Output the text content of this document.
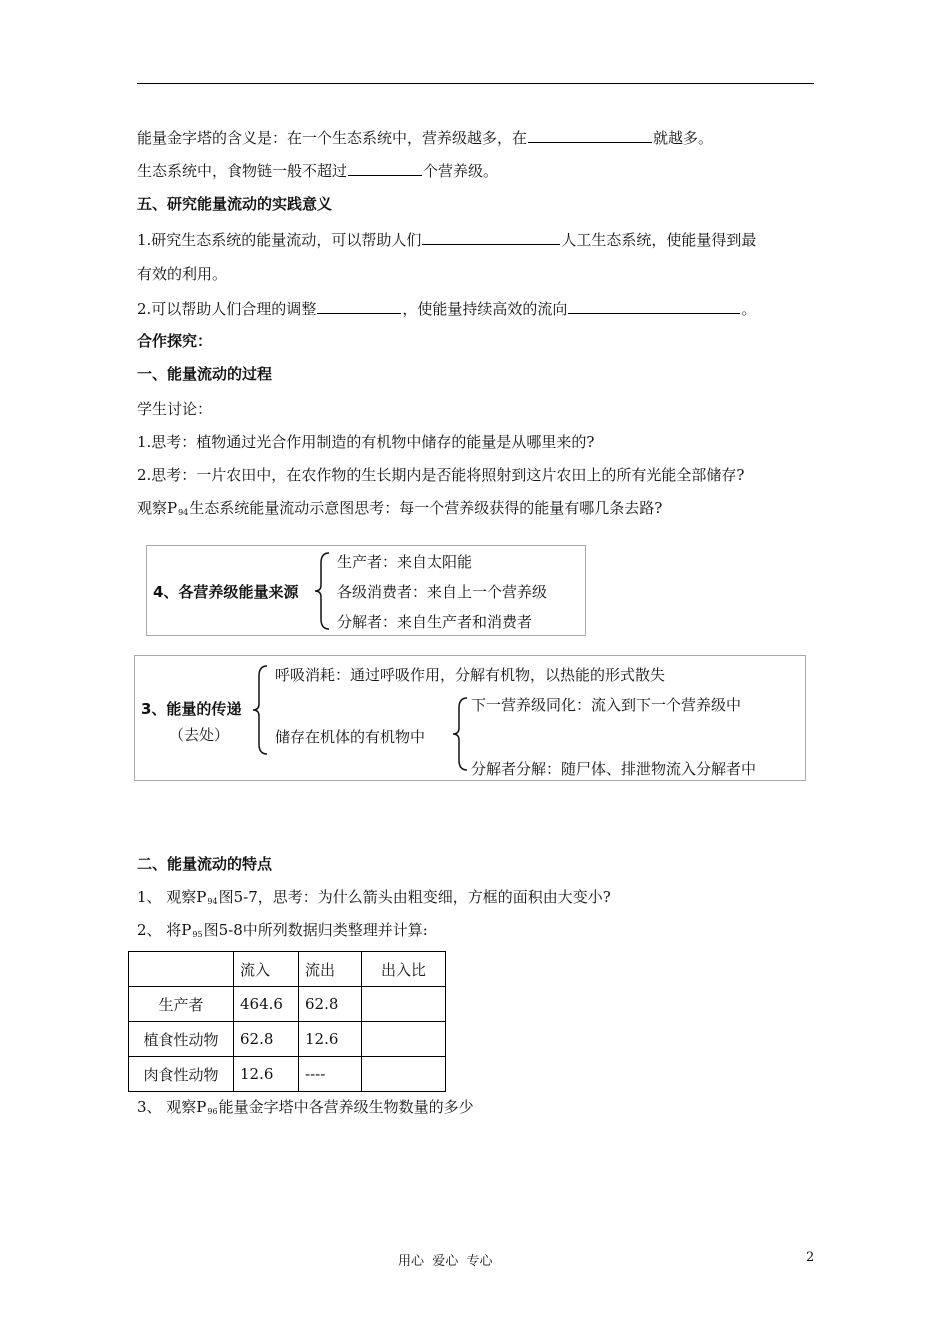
能量金字塔的含义是：在一个生态系统中，营养级越多，在	就越多。
生态系统中，食物链一般不超过	个营养级。
五、研究能量流动的实践意义
1.研究生态系统的能量流动，可以帮助人们	人工生态系统，使能量得到最
有效的利用。
2.可以帮助人们合理的调整	，使能量持续高效的流向	。
合作探究：
一、能量流动的过程
学生讨论：
1.思考：植物通过光合作用制造的有机物中储存的能量是从哪里来的?
2.思考：一片农田中，在农作物的生长期内是否能将照射到这片农田上的所有光能全部储存?
观察$P_{94}$生态系统能量流动示意图思考：每一个营养级获得的能量有哪几条去路?
4、各营养级能量来源
生产者：来自太阳能
各级消费者：来自上一个营养级
分解者：来自生产者和消费者
3、能量的传递
（去处）
呼吸消耗：通过呼吸作用，分解有机物，以热能的形式散失
储存在机体的有机物中
下一营养级同化：流入到下一个营养级中
分解者分解：随尸体、排泄物流入分解者中
二、能量流动的特点
1、 观察$P_{94}$图5-7，思考：为什么箭头由粗变细，方框的面积由大变小?
2、 将$P_{95}$图5-8中所列数据归类整理并计算:
	流入	流出	出入比
生产者	464.6	62.8	
植食性动物	62.8	12.6	
肉食性动物	12.6	----	
3、 观察$P_{96}$能量金字塔中各营养级生物数量的多少
用心  爱心  专心	2
